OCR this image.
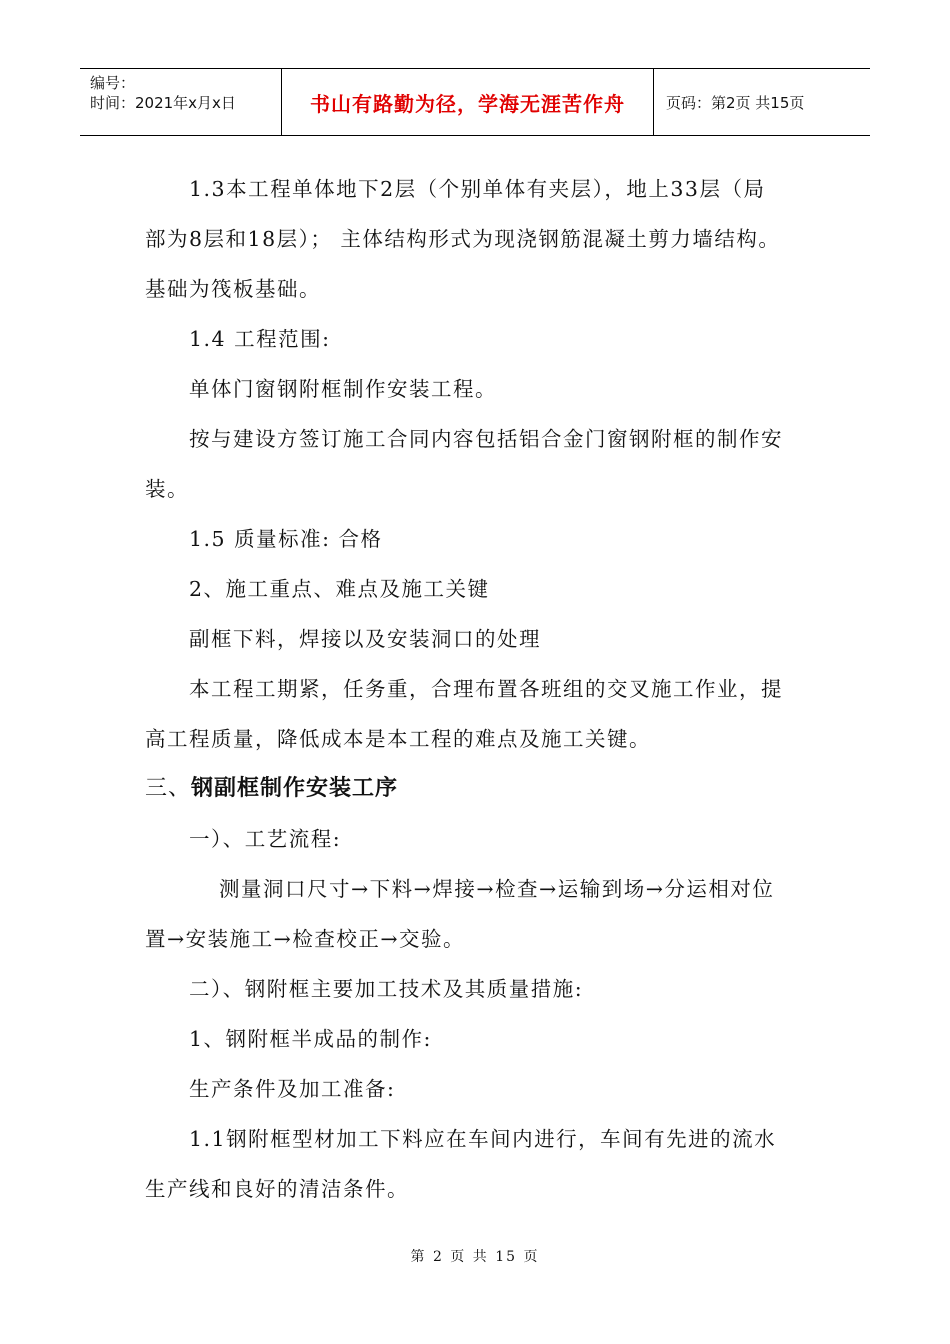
编号：
时间：2021年x月x日	书山有路勤为径，学海无涯苦作舟	页码：第2页 共15页
1.3本工程单体地下2层（个别单体有夹层），地上33层（局
部为8层和18层）； 主体结构形式为现浇钢筋混凝土剪力墙结构。
基础为筏板基础。
1.4 工程范围:
单体门窗钢附框制作安装工程。
按与建设方签订施工合同内容包括铝合金门窗钢附框的制作安
装。
1.5 质量标准: 合格
2、施工重点、难点及施工关键
副框下料，焊接以及安装洞口的处理
本工程工期紧，任务重，合理布置各班组的交叉施工作业，提
高工程质量，降低成本是本工程的难点及施工关键。
三、钢副框制作安装工序
一）、工艺流程:
测量洞口尺寸→下料→焊接→检查→运输到场→分运相对位
置→安装施工→检查校正→交验。
二）、钢附框主要加工技术及其质量措施:
1、钢附框半成品的制作:
生产条件及加工准备:
1.1钢附框型材加工下料应在车间内进行，车间有先进的流水
生产线和良好的清洁条件。
第 2 页 共 15 页
